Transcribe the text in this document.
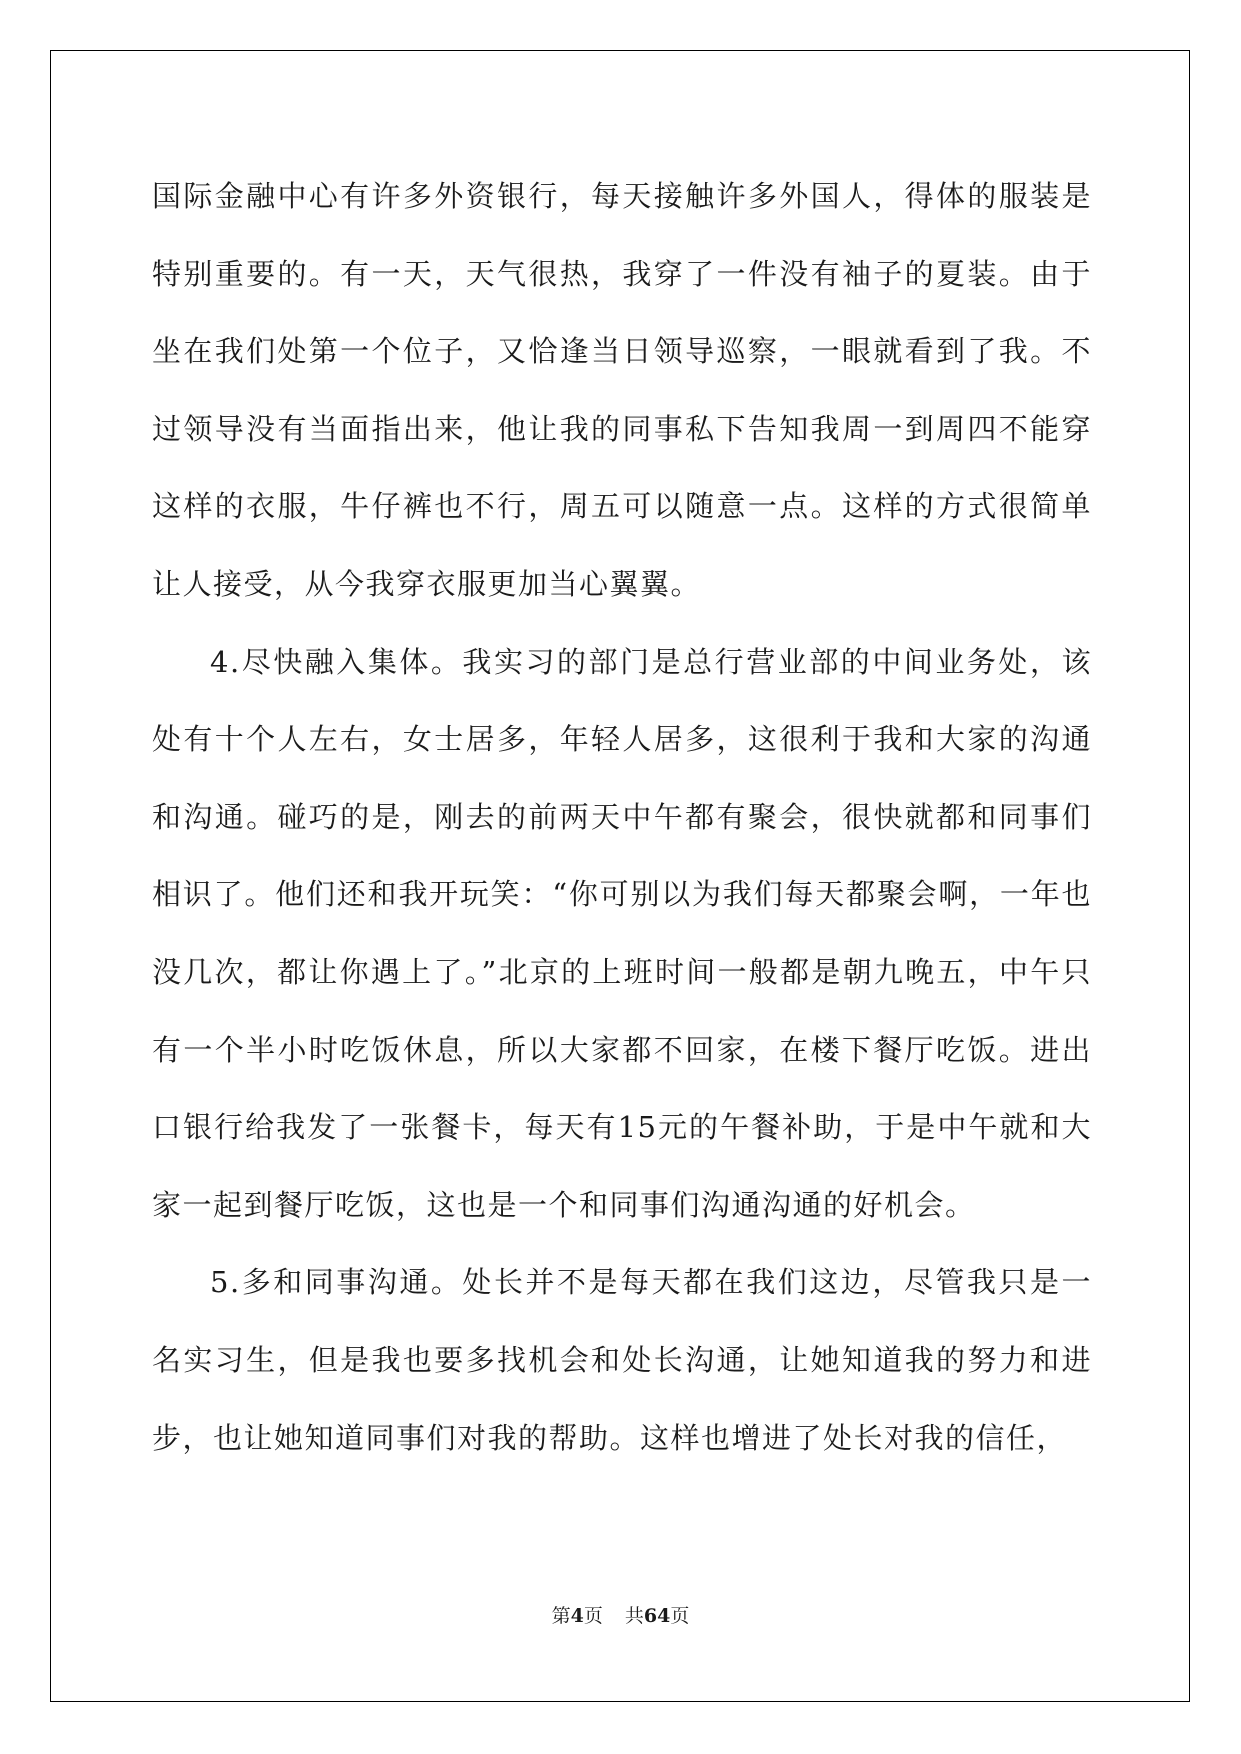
国际金融中心有许多外资银行，每天接触许多外国人，得体的服装是特别重要的。有一天，天气很热，我穿了一件没有袖子的夏装。由于坐在我们处第一个位子，又恰逢当日领导巡察，一眼就看到了我。不过领导没有当面指出来，他让我的同事私下告知我周一到周四不能穿这样的衣服，牛仔裤也不行，周五可以随意一点。这样的方式很简单让人接受，从今我穿衣服更加当心翼翼。

4.尽快融入集体。我实习的部门是总行营业部的中间业务处，该处有十个人左右，女士居多，年轻人居多，这很利于我和大家的沟通和沟通。碰巧的是，刚去的前两天中午都有聚会，很快就都和同事们相识了。他们还和我开玩笑：“你可别以为我们每天都聚会啊，一年也没几次，都让你遇上了。”北京的上班时间一般都是朝九晚五，中午只有一个半小时吃饭休息，所以大家都不回家，在楼下餐厅吃饭。进出口银行给我发了一张餐卡，每天有15元的午餐补助，于是中午就和大家一起到餐厅吃饭，这也是一个和同事们沟通沟通的好机会。

5.多和同事沟通。处长并不是每天都在我们这边，尽管我只是一名实习生，但是我也要多找机会和处长沟通，让她知道我的努力和进步，也让她知道同事们对我的帮助。这样也增进了处长对我的信任，

第4页 共64页
